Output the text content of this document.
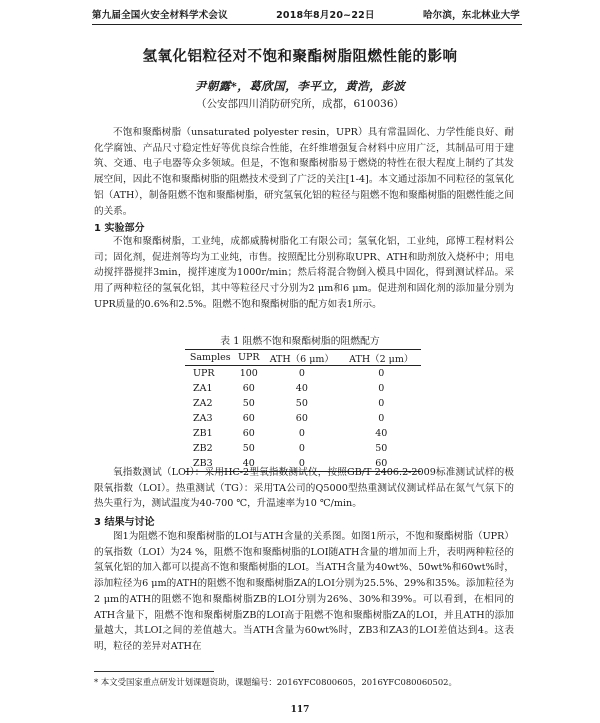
第九届全国火安全材料学术会议	2018年8月20~22日	哈尔滨，东北林业大学
氢氧化铝粒径对不饱和聚酯树脂阻燃性能的影响
尹朝露*，葛欣国，李平立，黄浩，彭波
（公安部四川消防研究所，成都，610036）

不饱和聚酯树脂（unsaturated polyester resin，UPR）具有常温固化、力学性能良好、耐化学腐蚀、产品尺寸稳定性好等优良综合性能，在纤维增强复合材料中应用广泛，其制品可用于建筑、交通、电子电器等众多领域。但是，不饱和聚酯树脂易于燃烧的特性在很大程度上制约了其发展空间，因此不饱和聚酯树脂的阻燃技术受到了广泛的关注[1-4]。本文通过添加不同粒径的氢氧化铝（ATH），制备阻燃不饱和聚酯树脂，研究氢氧化铝的粒径与阻燃不饱和聚酯树脂的阻燃性能之间的关系。

1 实验部分

不饱和聚酯树脂，工业纯，成都威腾树脂化工有限公司；氢氧化铝，工业纯，邱博工程材料公司；固化剂，促进剂等均为工业纯，市售。按照配比分别称取UPR、ATH和助剂放入烧杯中；用电动搅拌器搅拌3min，搅拌速度为1000r/min；然后将混合物倒入模具中固化，得到测试样品。采用了两种粒径的氢氧化铝，其中等粒径尺寸分别为2 μm和6 μm。促进剂和固化剂的添加量分别为UPR质量的0.6%和2.5%。阻燃不饱和聚酯树脂的配方如表1所示。

表 1 阻燃不饱和聚酯树脂的阻燃配方
Samples	UPR	ATH（6 μm）	ATH（2 μm）
UPR	100	0	0
ZA1	60	40	0
ZA2	50	50	0
ZA3	60	60	0
ZB1	60	0	40
ZB2	50	0	50
ZB3	40	0	60

氧指数测试（LOI）：采用HC-2型氧指数测试仪，按照GB/T 2406.2-2009标准测试试样的极限氧指数（LOI）。热重测试（TG）：采用TA公司的Q5000型热重测试仪测试样品在氮气气氛下的热失重行为，测试温度为40-700 ℃，升温速率为10 ℃/min。

3 结果与讨论

图1为阻燃不饱和聚酯树脂的LOI与ATH含量的关系图。如图1所示，不饱和聚酯树脂（UPR）的氧指数（LOI）为24 %，阻燃不饱和聚酯树脂的LOI随ATH含量的增加而上升，表明两种粒径的氢氧化铝的加入都可以提高不饱和聚酯树脂的LOI。当ATH含量为40wt%、50wt%和60wt%时，添加粒径为6 μm的ATH的阻燃不饱和聚酯树脂ZA的LOI分别为25.5%、29%和35%。添加粒径为2 μm的ATH的阻燃不饱和聚酯树脂ZB的LOI分别为26%、30%和39%。可以看到，在相同的ATH含量下，阻燃不饱和聚酯树脂ZB的LOI高于阻燃不饱和聚酯树脂ZA的LOI，并且ATH的添加量越大，其LOI之间的差值越大。当ATH含量为60wt%时，ZB3和ZA3的LOI差值达到4。这表明，粒径的差异对ATH在

* 本文受国家重点研发计划课题资助，课题编号：2016YFC0800605，2016YFC080060502。
117
